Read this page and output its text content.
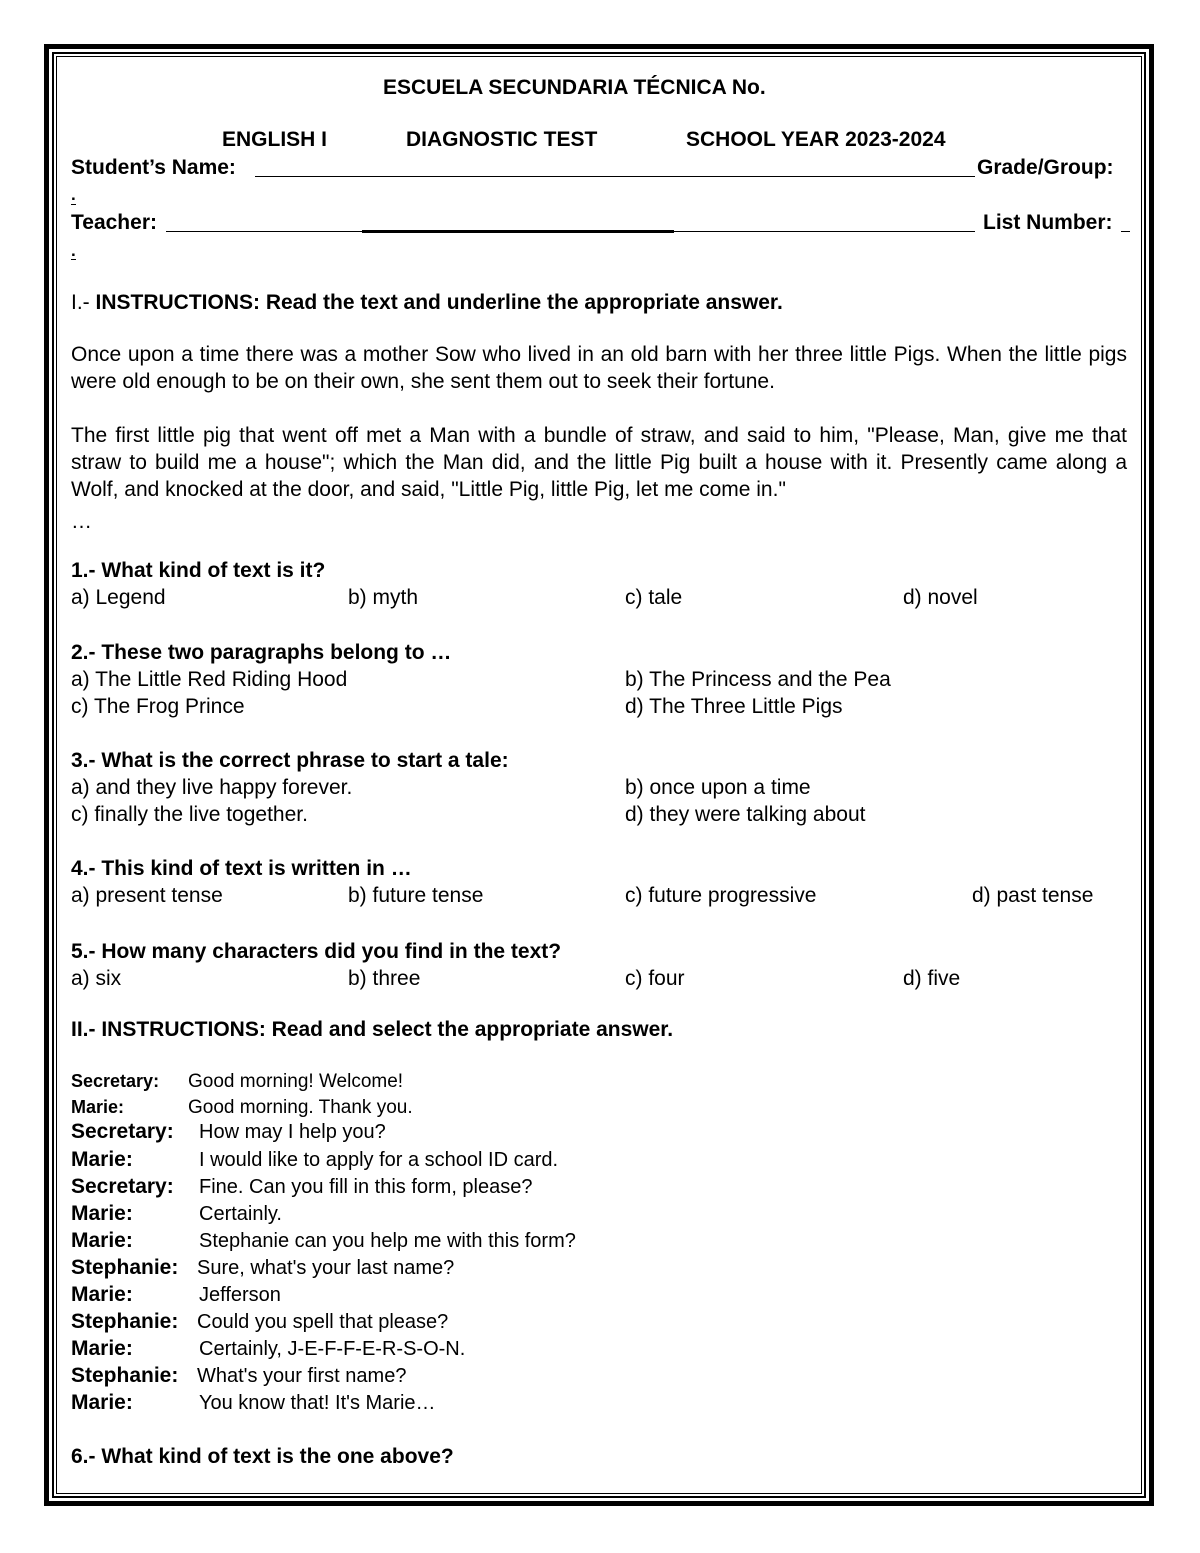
ESCUELA SECUNDARIA TÉCNICA No.
ENGLISH I	DIAGNOSTIC TEST	SCHOOL YEAR 2023-2024
Student’s Name:	Grade/Group:
.
Teacher:	List Number:
.
I.- INSTRUCTIONS: Read the text and underline the appropriate answer.
Once upon a time there was a mother Sow who lived in an old barn with her three little Pigs. When the little pigs were old enough to be on their own, she sent them out to seek their fortune.
The first little pig that went off met a Man with a bundle of straw, and said to him, "Please, Man, give me that straw to build me a house"; which the Man did, and the little Pig built a house with it. Presently came along a Wolf, and knocked at the door, and said, "Little Pig, little Pig, let me come in."
…
1.- What kind of text is it?
a) Legend	b) myth	c) tale	d) novel
2.- These two paragraphs belong to …
a) The Little Red Riding Hood	b) The Princess and the Pea
c) The Frog Prince	d) The Three Little Pigs
3.- What is the correct phrase to start a tale:
a) and they live happy forever.	b) once upon a time
c) finally the live together.	d) they were talking about
4.- This kind of text is written in …
a) present tense	b) future tense	c) future progressive	d) past tense
5.- How many characters did you find in the text?
a) six	b) three	c) four	d) five
II.- INSTRUCTIONS: Read and select the appropriate answer.
Secretary: Good morning! Welcome!
Marie:	Good morning. Thank you.
Secretary: How may I help you?
Marie:	I would like to apply for a school ID card.
Secretary: Fine. Can you fill in this form, please?
Marie:	Certainly.
Marie:	Stephanie can you help me with this form?
Stephanie: Sure, what's your last name?
Marie:	Jefferson
Stephanie: Could you spell that please?
Marie:	Certainly, J-E-F-F-E-R-S-O-N.
Stephanie: What's your first name?
Marie:	You know that! It's Marie…
6.- What kind of text is the one above?
